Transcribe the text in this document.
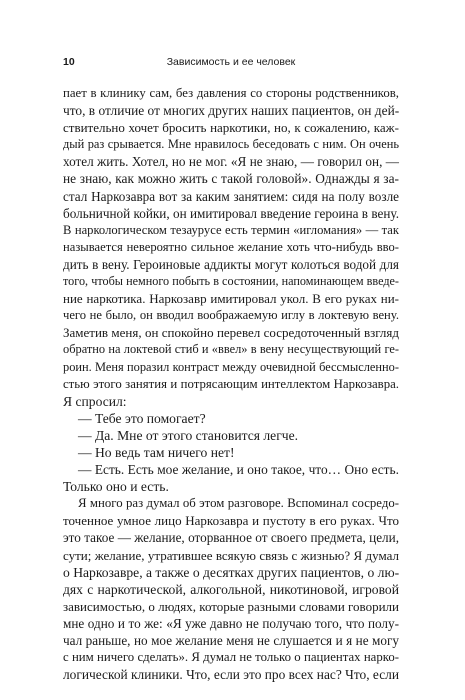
10	Зависимость и ее человек
пает в клинику сам, без давления со стороны родственников,
что, в отличие от многих других наших пациентов, он дей-
ствительно хочет бросить наркотики, но, к сожалению, каж-
дый раз срывается. Мне нравилось беседовать с ним. Он очень
хотел жить. Хотел, но не мог. «Я не знаю, — говорил он, —
не знаю, как можно жить с такой головой». Однажды я за-
стал Наркозавра вот за каким занятием: сидя на полу возле
больничной койки, он имитировал введение героина в вену.
В наркологическом тезаурусе есть термин «игломания» — так
называется невероятно сильное желание хоть что-нибудь вво-
дить в вену. Героиновые аддикты могут колоться водой для
того, чтобы немного побыть в состоянии, напоминающем введе-
ние наркотика. Наркозавр имитировал укол. В его руках ни-
чего не было, он вводил воображаемую иглу в локтевую вену.
Заметив меня, он спокойно перевел сосредоточенный взгляд
обратно на локтевой стиб и «ввел» в вену несуществующий ге-
роин. Меня поразил контраст между очевидной бессмысленно-
стью этого занятия и потрясающим интеллектом Наркозавра.
Я спросил:
— Тебе это помогает?
— Да. Мне от этого становится легче.
— Но ведь там ничего нет!
— Есть. Есть мое желание, и оно такое, что… Оно есть.
Только оно и есть.
Я много раз думал об этом разговоре. Вспоминал сосредо-
точенное умное лицо Наркозавра и пустоту в его руках. Что
это такое — желание, оторванное от своего предмета, цели,
сути; желание, утратившее всякую связь с жизнью? Я думал
о Наркозавре, а также о десятках других пациентов, о лю-
дях с наркотической, алкогольной, никотиновой, игровой
зависимостью, о людях, которые разными словами говорили
мне одно и то же: «Я уже давно не получаю того, что полу-
чал раньше, но мое желание меня не слушается и я не могу
с ним ничего сделать». Я думал не только о пациентах нарко-
логической клиники. Что, если это про всех нас? Что, если
